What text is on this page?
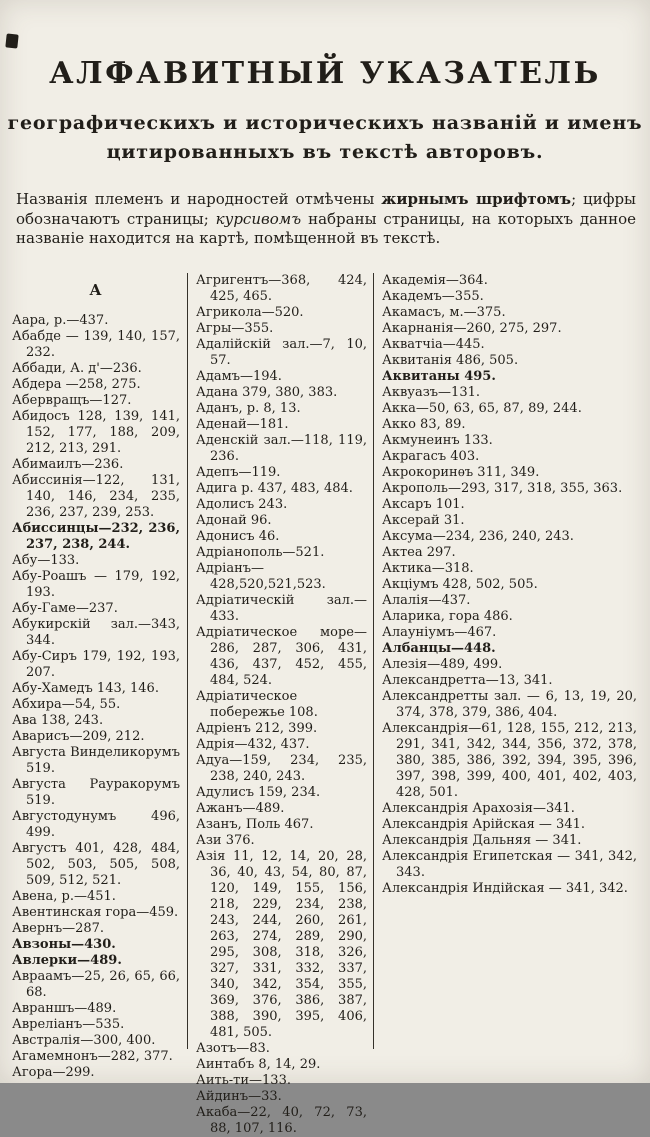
АЛФАВИТНЫЙ УКАЗАТЕЛЬ
географическихъ и историческихъ названій и именъ
цитированныхъ въ текстѣ авторовъ.

Названія племенъ и народностей отмѣчены жирнымъ шрифтомъ; цифры обозначаютъ страницы; курсивомъ набраны страницы, на которыхъ данное названіе находится на картѣ, помѣщенной въ текстѣ.

А
Аара, р.—437.
Абабде — 139, 140, 157, 232.
Аббади, А. д'—236.
Абдера —258, 275.
Абервращъ—127.
Абидосъ 128, 139, 141, 152, 177, 188, 209, 212, 213, 291.
Абимаилъ—236.
Абиссинія—122, 131, 140, 146, 234, 235, 236, 237, 239, 253.
Абиссинцы—232, 236, 237, 238, 244.
Абу—133.
Абу-Роашъ — 179, 192, 193.
Абу-Гаме—237.
Абукирскій зал.—343, 344.
Абу-Сиръ 179, 192, 193, 207.
Абу-Хамедъ 143, 146.
Абхира—54, 55.
Ава 138, 243.
Аварисъ—209, 212.
Августа Винделикорумъ 519.
Августа Рауракорумъ 519.
Августодунумъ 496, 499.
Августъ 401, 428, 484, 502, 503, 505, 508, 509, 512, 521.
Авена, р.—451.
Авентинская гора—459.
Авернъ—287.
Авзоны—430.
Авлерки—489.
Авраамъ—25, 26, 65, 66, 68.
Авраншъ—489.
Авреліанъ—535.
Австралія—300, 400.
Агамемнонъ—282, 377.
Агора—299.
Агригентъ—368, 424, 425, 465.
Агрикола—520.
Агры—355.
Адалійскій зал.—7, 10, 57.
Адамъ—194.
Адана 379, 380, 383.
Аданъ, р. 8, 13.
Аденай—181.
Аденскій зал.—118, 119, 236.
Адепъ—119.
Адига р. 437, 483, 484.
Адолисъ 243.
Адонай 96.
Адонисъ 46.
Адріанополь—521.
Адріанъ—428,520,521,523.
Адріатическій зал.—433.
Адріатическое море—286, 287, 306, 431, 436, 437, 452, 455, 484, 524.
Адріатическое побережье 108.
Адріенъ 212, 399.
Адрія—432, 437.
Адуа—159, 234, 235, 238, 240, 243.
Адулисъ 159, 234.
Ажанъ—489.
Азанъ, Поль 467.
Ази 376.
Азія 11, 12, 14, 20, 28, 36, 40, 43, 54, 80, 87, 120, 149, 155, 156, 218, 229, 234, 238, 243, 244, 260, 261, 263, 274, 289, 290, 295, 308, 318, 326, 327, 331, 332, 337, 340, 342, 354, 355, 369, 376, 386, 387, 388, 390, 395, 406, 481, 505.
Азотъ—83.
Аинтабъ 8, 14, 29.
Аить-ти—133.
Айдинъ—33.
Акаба—22, 40, 72, 73, 88, 107, 116.
Академія—364.
Академъ—355.
Акамасъ, м.—375.
Акарнанія—260, 275, 297.
Акватчіа—445.
Аквитанія 486, 505.
Аквитаны 495.
Аквуазъ—131.
Акка—50, 63, 65, 87, 89, 244.
Акко 83, 89.
Акмунеинъ 133.
Акрагасъ 403.
Акрокоринѳъ 311, 349.
Акрополь—293, 317, 318, 355, 363.
Аксаръ 101.
Аксерай 31.
Аксума—234, 236, 240, 243.
Актеа 297.
Актика—318.
Акціумъ 428, 502, 505.
Алалія—437.
Аларика, гора 486.
Алауніумъ—467.
Албанцы—448.
Алезія—489, 499.
Александретта—13, 341.
Александретты зал. — 6, 13, 19, 20, 374, 378, 379, 386, 404.
Александрія—61, 128, 155, 212, 213, 291, 341, 342, 344, 356, 372, 378, 380, 385, 386, 392, 394, 395, 396, 397, 398, 399, 400, 401, 402, 403, 428, 501.
Александрія Арахозія—341.
Александрія Арійская — 341.
Александрія Дальняя — 341.
Александрія Египетская — 341, 342, 343.
Александрія Индійская — 341, 342.
